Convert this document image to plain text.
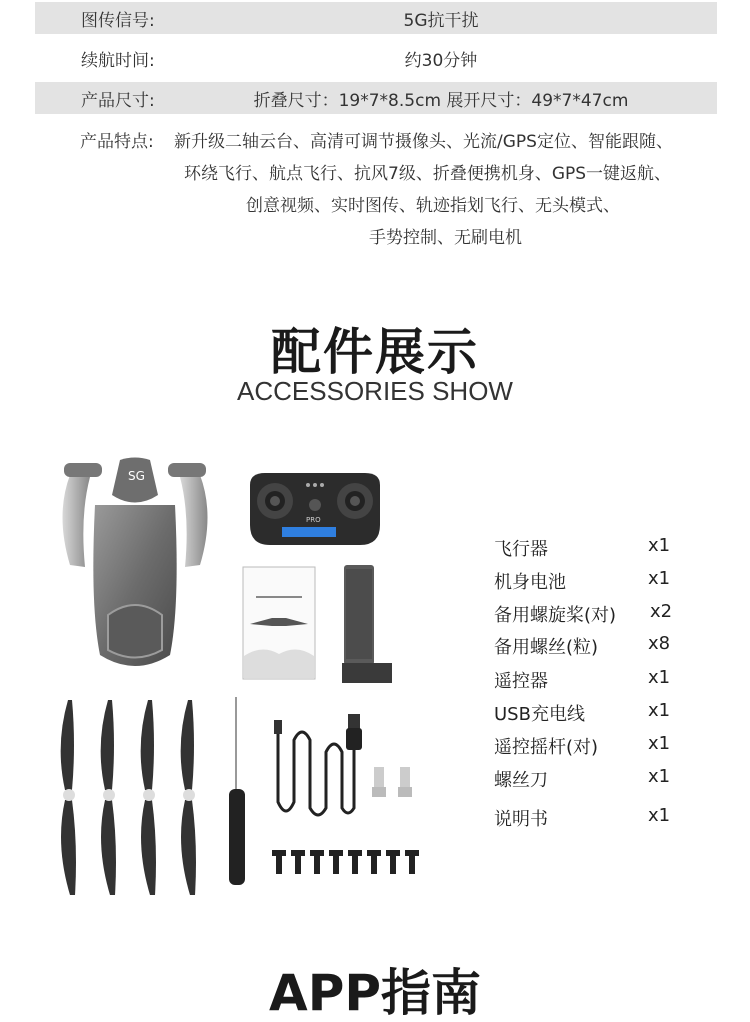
图传信号:	5G抗干扰
续航时间:	约30分钟
产品尺寸:	折叠尺寸：19*7*8.5cm 展开尺寸：49*7*47cm
产品特点: 新升级二轴云台、高清可调节摄像头、光流/GPS定位、智能跟随、
环绕飞行、航点飞行、抗风7级、折叠便携机身、GPS一键返航、
创意视频、实时图传、轨迹指划飞行、无头模式、
手势控制、无刷电机
配件展示
ACCESSORIES SHOW
SG
PRO
飞行器	x1
机身电池	x1
备用螺旋桨(对) x2
备用螺丝(粒)	x8
遥控器	x1
USB充电线	x1
遥控摇杆(对)	x1
螺丝刀	x1
说明书	x1
APP指南
